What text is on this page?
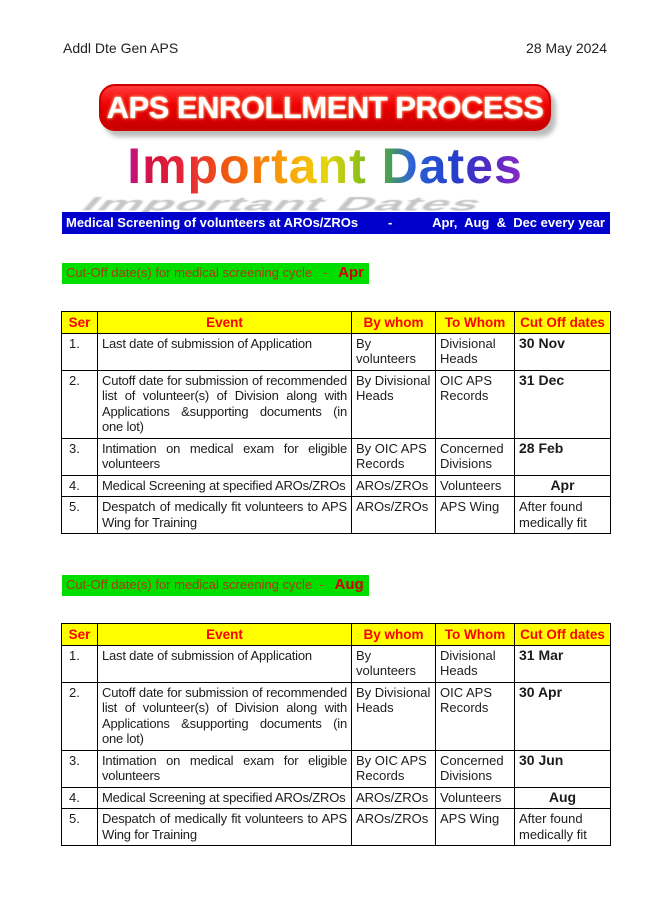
Addl Dte Gen APS	28 May 2024
APS ENROLLMENT PROCESS
Important Dates Important Dates
Medical Screening of volunteers at AROs/ZROs -	Apr,  Aug  &  Dec every year
Cut-Off date(s) for medical screening cycle   -   Apr
Ser	Event	By whom	To Whom	Cut Off dates
1.	Last date of submission of Application	By volunteers	Divisional Heads	30 Nov
2.	Cutoff date for submission of recommended list of volunteer(s) of Division along with Applications &supporting documents (in one lot)	By Divisional Heads	OIC APS Records	31 Dec
3.	Intimation on medical exam for eligible volunteers	By OIC APS Records	Concerned Divisions	28 Feb
4.	Medical Screening at specified AROs/ZROs	AROs/ZROs	Volunteers	Apr
5.	Despatch of medically fit volunteers to APS Wing for Training	AROs/ZROs	APS Wing	After found medically fit
Cut-Off date(s) for medical screening cycle  -   Aug
Ser	Event	By whom	To Whom	Cut Off dates
1.	Last date of submission of Application	By volunteers	Divisional Heads	31 Mar
2.	Cutoff date for submission of recommended list of volunteer(s) of Division along with Applications &supporting documents (in one lot)	By Divisional Heads	OIC APS Records	30 Apr
3.	Intimation on medical exam for eligible volunteers	By OIC APS Records	Concerned Divisions	30 Jun
4.	Medical Screening at specified AROs/ZROs	AROs/ZROs	Volunteers	Aug
5.	Despatch of medically fit volunteers to APS Wing for Training	AROs/ZROs	APS Wing	After found medically fit
